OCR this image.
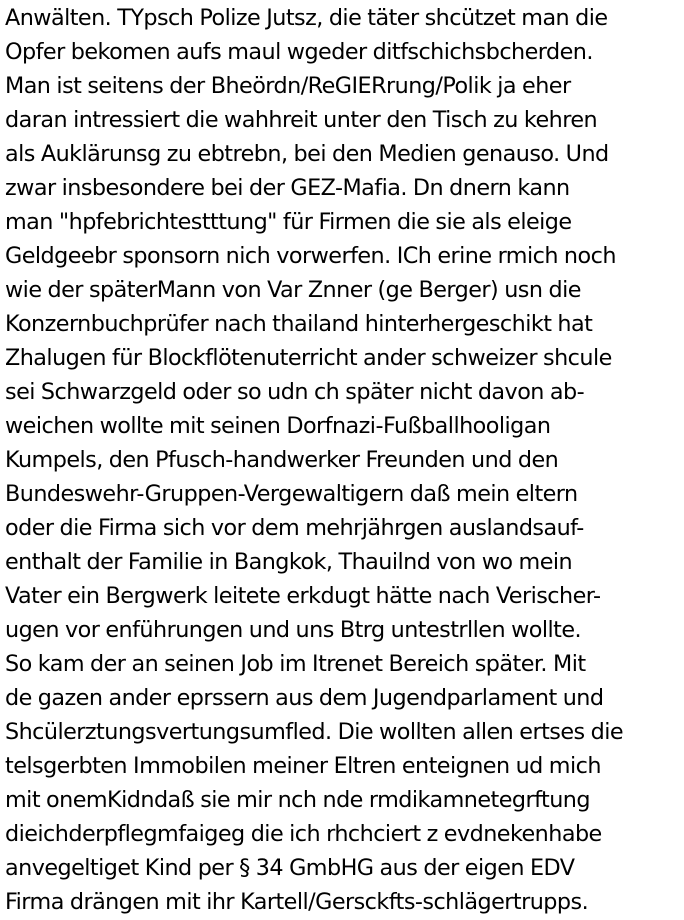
Anwälten. TYpsch Polize Jutsz, die täter shcützet man die
Opfer bekomen aufs maul wgeder ditfschichsbcherden.
Man ist seitens der Bheördn/ReGIERrung/Polik ja eher
daran intressiert die wahhreit unter den Tisch zu kehren
als Auklärunsg zu ebtrebn, bei den Medien genauso. Und
zwar insbesondere bei der GEZ-Mafia. Dn dnern kann
man "hpfebrichtestttung" für Firmen die sie als eleige
Geldgeebr sponsorn nich vorwerfen. ICh erine rmich noch
wie der späterMann von Var Znner (ge Berger) usn die
Konzernbuchprüfer nach thailand hinterhergeschikt hat
Zhalugen für Blockflötenuterricht ander schweizer shcule
sei Schwarzgeld oder so udn ch später nicht davon ab-
weichen wollte mit seinen Dorfnazi-Fußballhooligan
Kumpels, den Pfusch-handwerker Freunden und den
Bundeswehr-Gruppen-Vergewaltigern daß mein eltern
oder die Firma sich vor dem mehrjährgen auslandsauf-
enthalt der Familie in Bangkok, Thauilnd von wo mein
Vater ein Bergwerk leitete erkdugt hätte nach Verischer-
ugen vor enführungen und uns Btrg untestrllen wollte.
So kam der an seinen Job im Itrenet Bereich später. Mit
de gazen ander eprssern aus dem Jugendparlament und
Shcülerztungsvertungsumfled. Die wollten allen ertses die
telsgerbten Immobilen meiner Eltren enteignen ud mich
mit onemKidndaß sie mir nch nde rmdikamnetegrftung
dieichderpflegmfaigeg die ich rhchciert z evdnekenhabe
anvegeltiget Kind per § 34 GmbHG aus der eigen EDV
Firma drängen mit ihr Kartell/Gersckfts-schlägertrupps.
